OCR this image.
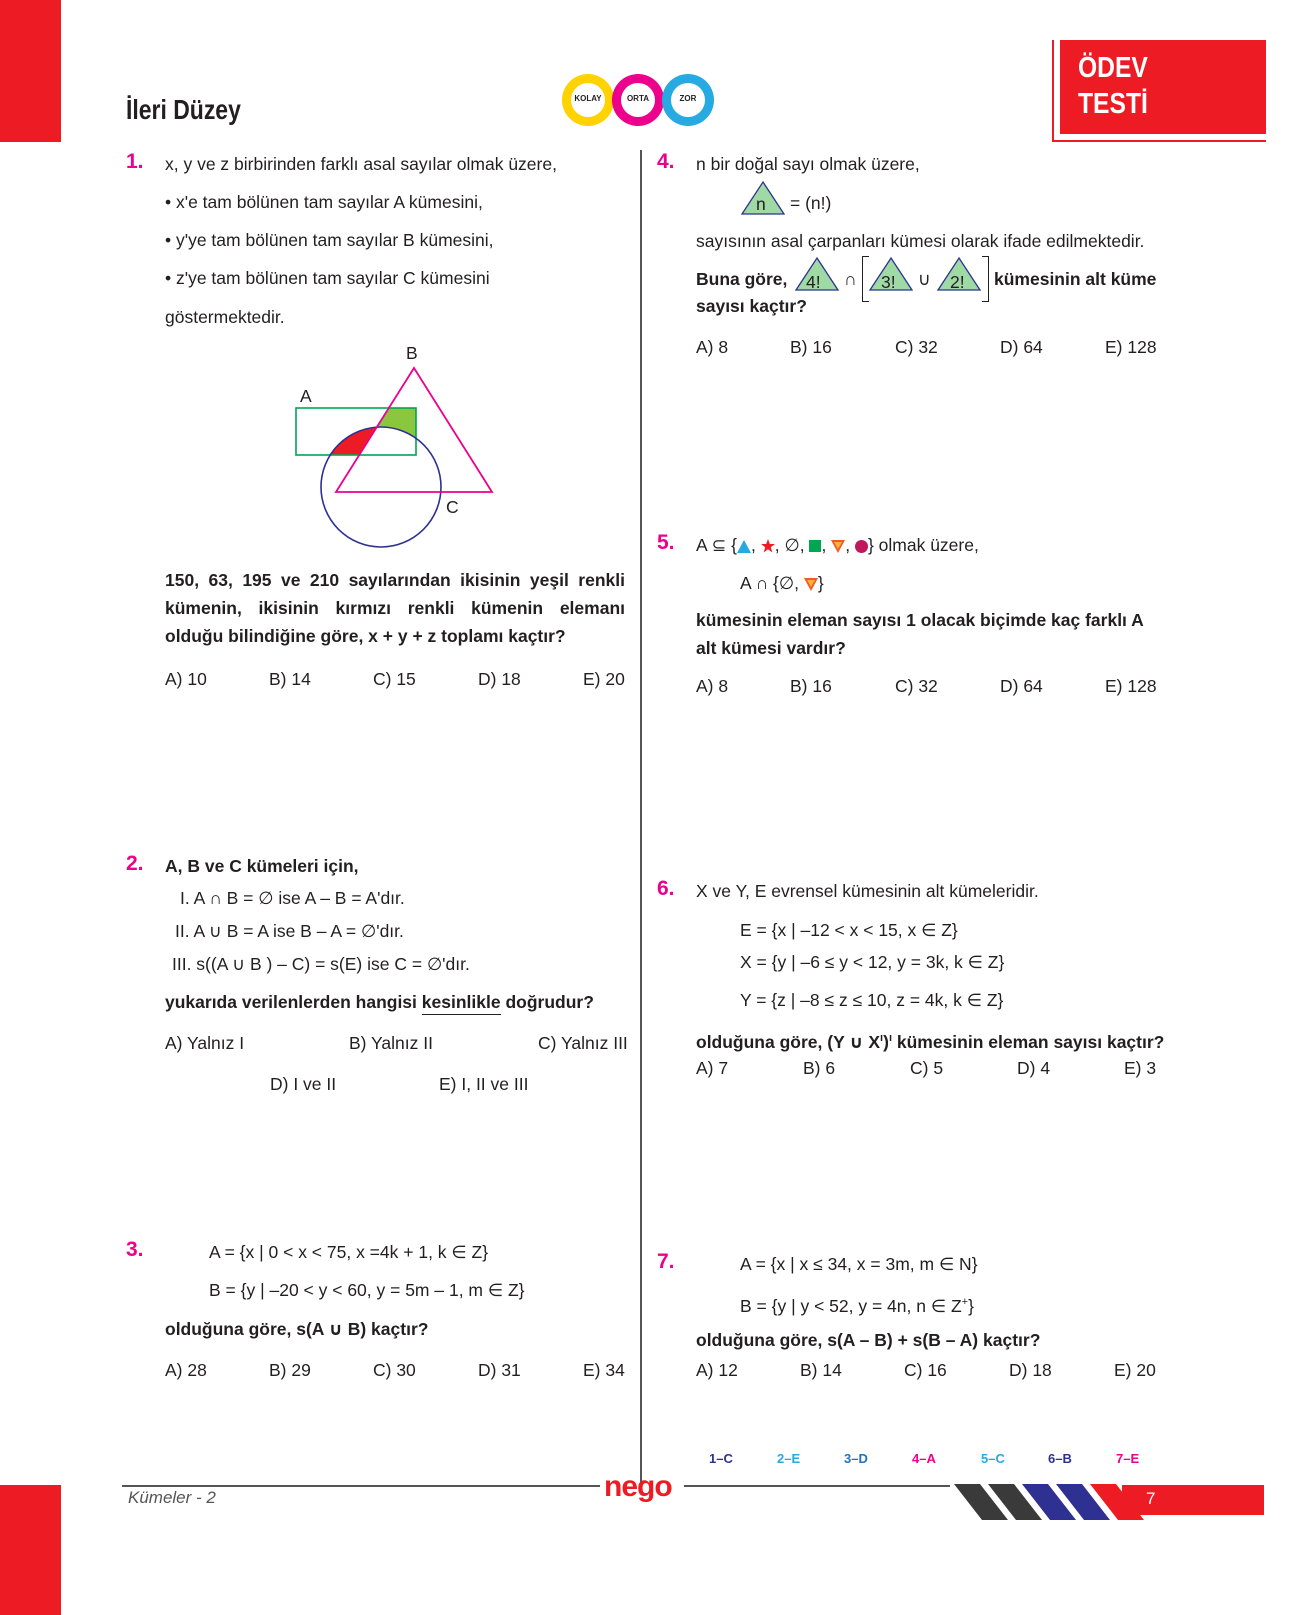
İleri Düzey	KOLAY	ORTA	ZOR
ÖDEV
TESTİ
1. x, y ve z birbirinden farklı asal sayılar olmak üzere,
• x'e tam bölünen tam sayılar A kümesini,
• y'ye tam bölünen tam sayılar B kümesini,
• z'ye tam bölünen tam sayılar C kümesini
göstermektedir.
A
B
C
150, 63, 195 ve 210 sayılarından ikisinin yeşil renkli kümenin, ikisinin kırmızı renkli kümenin elemanı olduğu bilindiğine göre, x + y + z toplamı kaçtır?
A) 10	B) 14	C) 15	D) 18	E) 20
2. A, B ve C kümeleri için,
I. A ∩ B = ∅ ise A – B = A'dır.
II. A ∪ B = A ise B – A = ∅'dır.
III. s((A ∪ B ) – C) = s(E) ise C = ∅'dır.
yukarıda verilenlerden hangisi kesinlikle doğrudur?
A) Yalnız I	B) Yalnız II	C) Yalnız III
D) I ve II	E) I, II ve III
3.	A = {x | 0 < x < 75, x =4k + 1, k ∈ Z}
B = {y | –20 < y < 60, y = 5m – 1, m ∈ Z}
olduğuna göre, s(A ∪ B) kaçtır?
A) 28	B) 29	C) 30	D) 31	E) 34
4. n bir doğal sayı olmak üzere,
n = (n!)
sayısının asal çarpanları kümesi olarak ifade edilmektedir.
Buna göre, 4! ∩ 3! ∪ 2! kümesinin alt küme
sayısı kaçtır?
A) 8	B) 16	C) 32	D) 64	E) 128
5. A ⊆ { , , ∅, , , } olmak üzere,
A ∩ {∅, }
kümesinin eleman sayısı 1 olacak biçimde kaç farklı A alt kümesi vardır?
A) 8	B) 16	C) 32	D) 64	E) 128
6. X ve Y, E evrensel kümesinin alt kümeleridir.
E = {x | –12 < x < 15, x ∈ Z}
X = {y | –6 ≤ y < 12, y = 3k, k ∈ Z}
Y = {z | –8 ≤ z ≤ 10, z = 4k, k ∈ Z}
olduğuna göre, (Y ∪ $X^ı)^ı$ kümesinin eleman sayısı kaçtır?
A) 7	B) 6	C) 5	D) 4	E) 3
7.	A = {x | x ≤ 34, x = 3m, m ∈ N}
B = {y | y < 52, y = 4n, n ∈ Z+}
olduğuna göre, s(A – B) + s(B – A) kaçtır?
A) 12	B) 14	C) 16	D) 18	E) 20
1–C	2–E	3–D	4–A	5–C	6–B	7–E
Kümeler - 2	nego	7
